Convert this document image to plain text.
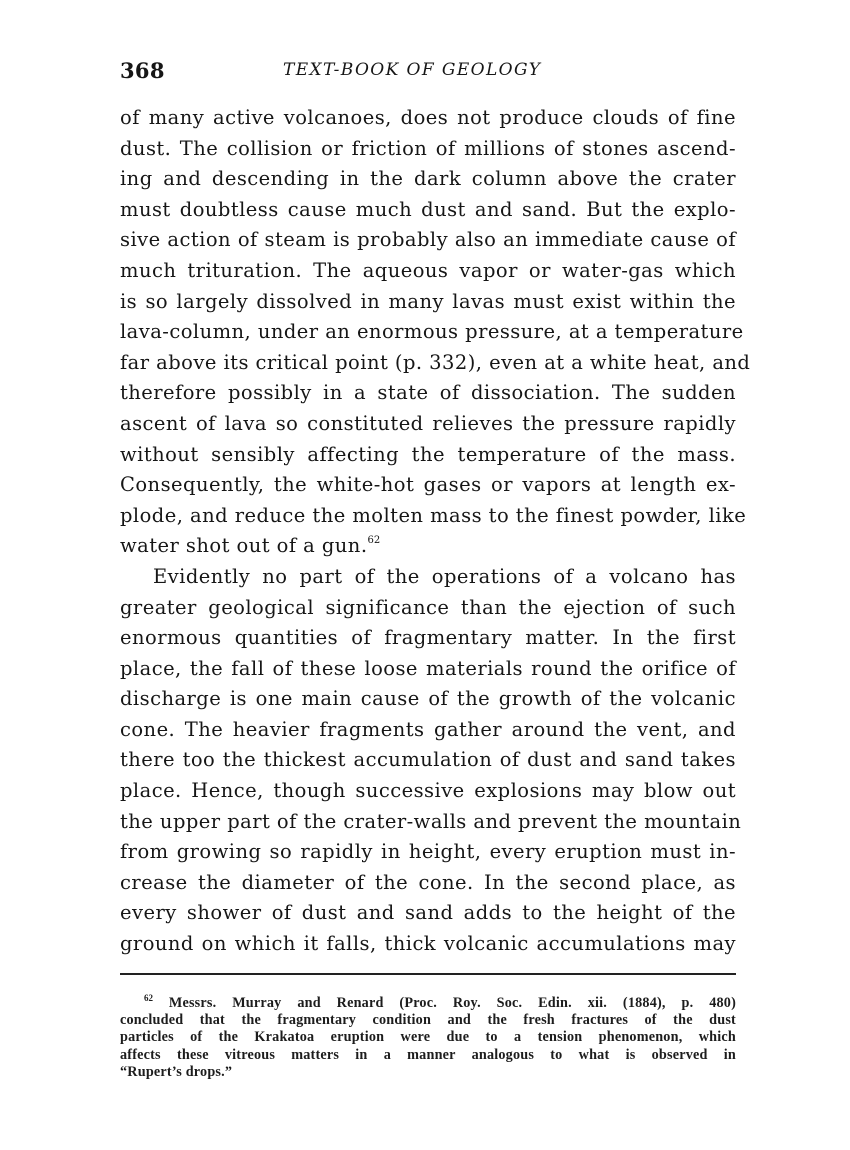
368	TEXT-BOOK OF GEOLOGY
of many active volcanoes, does not produce clouds of fine
dust. The collision or friction of millions of stones ascend-
ing and descending in the dark column above the crater
must doubtless cause much dust and sand. But the explo-
sive action of steam is probably also an immediate cause of
much trituration. The aqueous vapor or water-gas which
is so largely dissolved in many lavas must exist within the
lava-column, under an enormous pressure, at a temperature
far above its critical point (p. 332), even at a white heat, and
therefore possibly in a state of dissociation. The sudden
ascent of lava so constituted relieves the pressure rapidly
without sensibly affecting the temperature of the mass.
Consequently, the white-hot gases or vapors at length ex-
plode, and reduce the molten mass to the finest powder, like
water shot out of a gun.$^{62}$
Evidently no part of the operations of a volcano has
greater geological significance than the ejection of such
enormous quantities of fragmentary matter. In the first
place, the fall of these loose materials round the orifice of
discharge is one main cause of the growth of the volcanic
cone. The heavier fragments gather around the vent, and
there too the thickest accumulation of dust and sand takes
place. Hence, though successive explosions may blow out
the upper part of the crater-walls and prevent the mountain
from growing so rapidly in height, every eruption must in-
crease the diameter of the cone. In the second place, as
every shower of dust and sand adds to the height of the
ground on which it falls, thick volcanic accumulations may
$^{62}$ Messrs. Murray and Renard (Proc. Roy. Soc. Edin. xii. (1884), p. 480)
concluded that the fragmentary condition and the fresh fractures of the dust
particles of the Krakatoa eruption were due to a tension phenomenon, which
affects these vitreous matters in a manner analogous to what is observed in
“Rupert’s drops.”
